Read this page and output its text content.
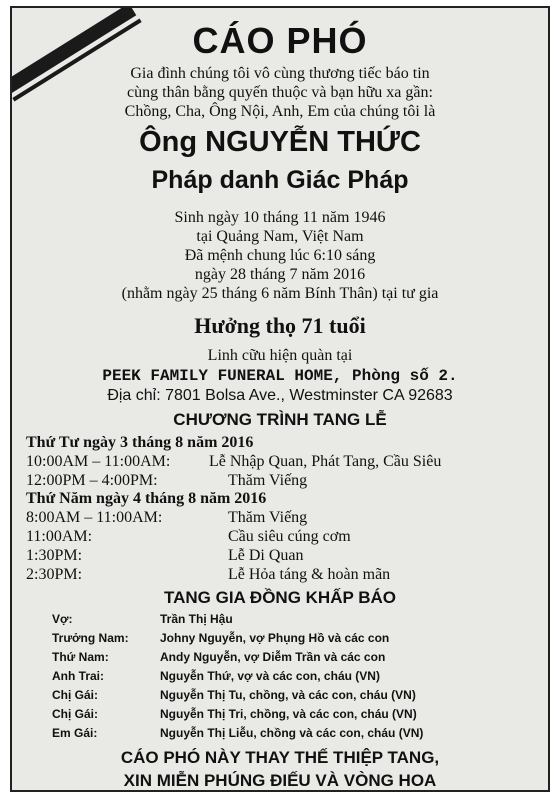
CÁO PHÓ
Gia đình chúng tôi vô cùng thương tiếc báo tin
cùng thân bằng quyến thuộc và bạn hữu xa gần:
Chồng, Cha, Ông Nội, Anh, Em của chúng tôi là
Ông NGUYỄN THỨC
Pháp danh Giác Pháp
Sinh ngày 10 tháng 11 năm 1946
tại Quảng Nam, Việt Nam
Đã mệnh chung lúc 6:10 sáng
ngày 28 tháng 7 năm 2016
(nhằm ngày 25 tháng 6 năm Bính Thân) tại tư gia
Hưởng thọ 71 tuổi
Linh cữu hiện quàn tại
PEEK FAMILY FUNERAL HOME, Phòng số 2.
Địa chỉ: 7801 Bolsa Ave., Westminster CA 92683
CHƯƠNG TRÌNH TANG LỄ
Thứ Tư ngày 3 tháng 8 năm 2016
10:00AM – 11:00AM: Lễ Nhập Quan, Phát Tang, Cầu Siêu
12:00PM – 4:00PM:	Thăm Viếng
Thứ Năm ngày 4 tháng 8 năm 2016
8:00AM – 11:00AM:	Thăm Viếng
11:00AM:	Cầu siêu cúng cơm
1:30PM:	Lễ Di Quan
2:30PM:	Lễ Hỏa táng & hoàn mãn
TANG GIA ĐỒNG KHẤP BÁO
Vợ:	Trần Thị Hậu
Trưởng Nam:	Johny Nguyễn, vợ Phụng Hồ và các con
Thứ Nam:	Andy Nguyễn, vợ Diễm Trần và các con
Anh Trai:	Nguyễn Thứ, vợ và các con, cháu (VN)
Chị Gái:	Nguyễn Thị Tu, chồng, và các con, cháu (VN)
Chị Gái:	Nguyễn Thị Tri, chồng, và các con, cháu (VN)
Em Gái:	Nguyễn Thị Liễu, chồng và các con, cháu (VN)
CÁO PHÓ NÀY THAY THẾ THIỆP TANG,
XIN MIỄN PHÚNG ĐIẾU VÀ VÒNG HOA
